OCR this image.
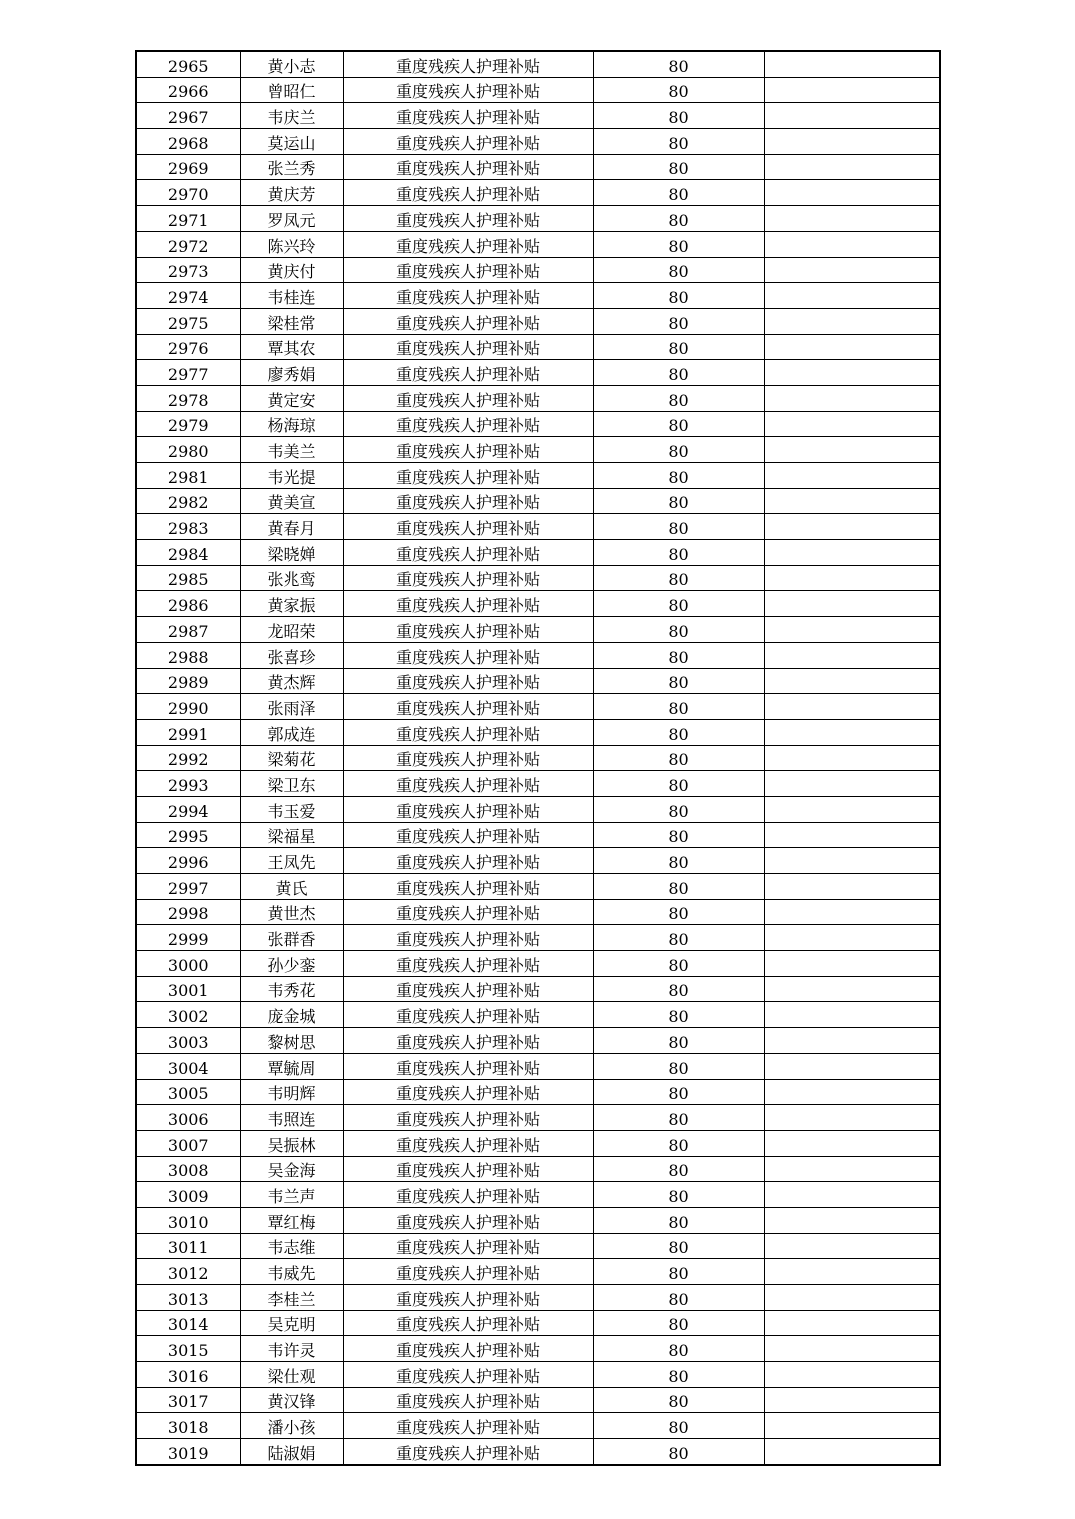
2965	黄小志	重度残疾人护理补贴	80	
2966	曾昭仁	重度残疾人护理补贴	80	
2967	韦庆兰	重度残疾人护理补贴	80	
2968	莫运山	重度残疾人护理补贴	80	
2969	张兰秀	重度残疾人护理补贴	80	
2970	黄庆芳	重度残疾人护理补贴	80	
2971	罗凤元	重度残疾人护理补贴	80	
2972	陈兴玲	重度残疾人护理补贴	80	
2973	黄庆付	重度残疾人护理补贴	80	
2974	韦桂连	重度残疾人护理补贴	80	
2975	梁桂常	重度残疾人护理补贴	80	
2976	覃其农	重度残疾人护理补贴	80	
2977	廖秀娟	重度残疾人护理补贴	80	
2978	黄定安	重度残疾人护理补贴	80	
2979	杨海琼	重度残疾人护理补贴	80	
2980	韦美兰	重度残疾人护理补贴	80	
2981	韦光提	重度残疾人护理补贴	80	
2982	黄美宣	重度残疾人护理补贴	80	
2983	黄春月	重度残疾人护理补贴	80	
2984	梁晓婵	重度残疾人护理补贴	80	
2985	张兆鸾	重度残疾人护理补贴	80	
2986	黄家振	重度残疾人护理补贴	80	
2987	龙昭荣	重度残疾人护理补贴	80	
2988	张喜珍	重度残疾人护理补贴	80	
2989	黄杰辉	重度残疾人护理补贴	80	
2990	张雨泽	重度残疾人护理补贴	80	
2991	郭成连	重度残疾人护理补贴	80	
2992	梁菊花	重度残疾人护理补贴	80	
2993	梁卫东	重度残疾人护理补贴	80	
2994	韦玉爱	重度残疾人护理补贴	80	
2995	梁福星	重度残疾人护理补贴	80	
2996	王凤先	重度残疾人护理补贴	80	
2997	黄氏	重度残疾人护理补贴	80	
2998	黄世杰	重度残疾人护理补贴	80	
2999	张群香	重度残疾人护理补贴	80	
3000	孙少銮	重度残疾人护理补贴	80	
3001	韦秀花	重度残疾人护理补贴	80	
3002	庞金城	重度残疾人护理补贴	80	
3003	黎树思	重度残疾人护理补贴	80	
3004	覃毓周	重度残疾人护理补贴	80	
3005	韦明辉	重度残疾人护理补贴	80	
3006	韦照连	重度残疾人护理补贴	80	
3007	吴振林	重度残疾人护理补贴	80	
3008	吴金海	重度残疾人护理补贴	80	
3009	韦兰声	重度残疾人护理补贴	80	
3010	覃红梅	重度残疾人护理补贴	80	
3011	韦志维	重度残疾人护理补贴	80	
3012	韦威先	重度残疾人护理补贴	80	
3013	李桂兰	重度残疾人护理补贴	80	
3014	吴克明	重度残疾人护理补贴	80	
3015	韦许灵	重度残疾人护理补贴	80	
3016	梁仕观	重度残疾人护理补贴	80	
3017	黄汉锋	重度残疾人护理补贴	80	
3018	潘小孩	重度残疾人护理补贴	80	
3019	陆淑娟	重度残疾人护理补贴	80	
